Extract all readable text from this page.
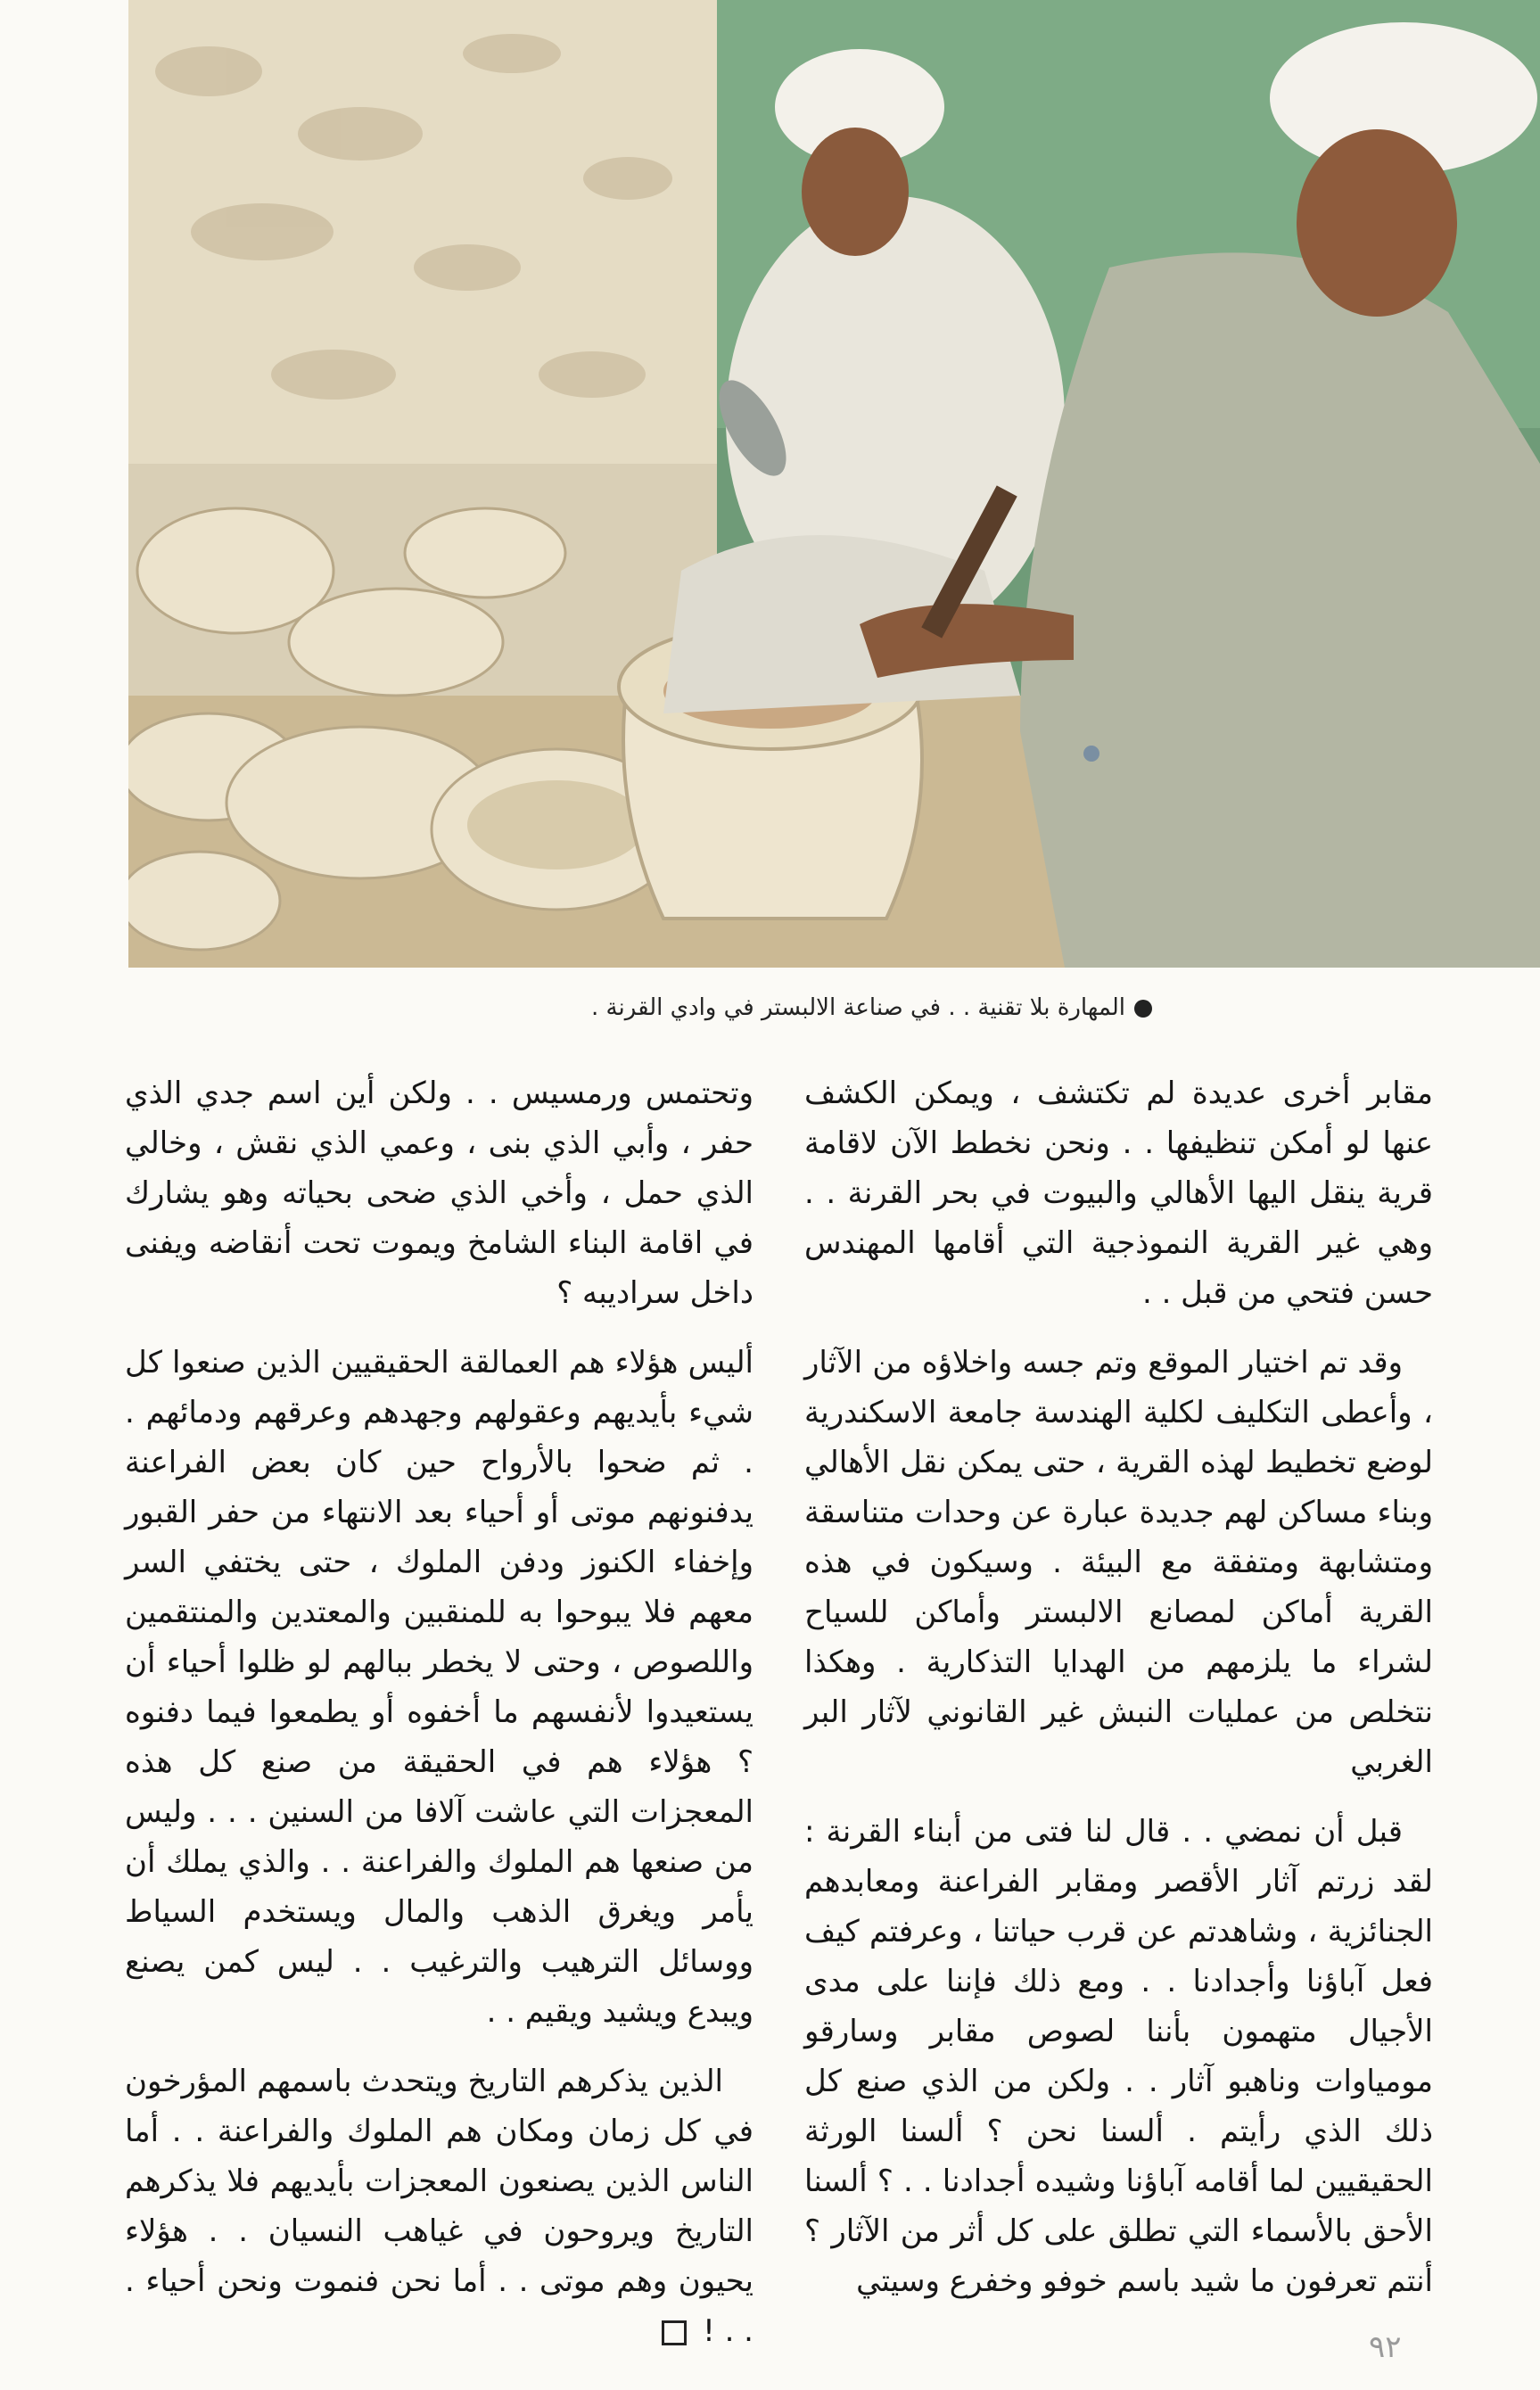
المهارة بلا تقنية . . في صناعة الالبستر في وادي القرنة .

مقابر أخرى عديدة لم تكتشف ، ويمكن الكشف عنها لو أمكن تنظيفها . . ونحن نخطط الآن لاقامة قرية ينقل اليها الأهالي والبيوت في بحر القرنة . . وهي غير القرية النموذجية التي أقامها المهندس حسن فتحي من قبل . .

وقد تم اختيار الموقع وتم جسه واخلاؤه من الآثار ، وأعطى التكليف لكلية الهندسة جامعة الاسكندرية لوضع تخطيط لهذه القرية ، حتى يمكن نقل الأهالي وبناء مساكن لهم جديدة عبارة عن وحدات متناسقة ومتشابهة ومتفقة مع البيئة . وسيكون في هذه القرية أماكن لمصانع الالبستر وأماكن للسياح لشراء ما يلزمهم من الهدايا التذكارية . وهكذا نتخلص من عمليات النبش غير القانوني لآثار البر الغربي

قبل أن نمضي . . قال لنا فتى من أبناء القرنة : لقد زرتم آثار الأقصر ومقابر الفراعنة ومعابدهم الجنائزية ، وشاهدتم عن قرب حياتنا ، وعرفتم كيف فعل آباؤنا وأجدادنا . . ومع ذلك فإننا على مدى الأجيال متهمون بأننا لصوص مقابر وسارقو مومياوات وناهبو آثار . . ولكن من الذي صنع كل ذلك الذي رأيتم . ألسنا نحن ؟ ألسنا الورثة الحقيقيين لما أقامه آباؤنا وشيده أجدادنا . . ؟ ألسنا الأحق بالأسماء التي تطلق على كل أثر من الآثار ؟ أنتم تعرفون ما شيد باسم خوفو وخفرع وسيتي

وتحتمس ورمسيس . . ولكن أين اسم جدي الذي حفر ، وأبي الذي بنى ، وعمي الذي نقش ، وخالي الذي حمل ، وأخي الذي ضحى بحياته وهو يشارك في اقامة البناء الشامخ ويموت تحت أنقاضه ويفنى داخل سراديبه ؟

أليس هؤلاء هم العمالقة الحقيقيين الذين صنعوا كل شيء بأيديهم وعقولهم وجهدهم وعرقهم ودمائهم . . ثم ضحوا بالأرواح حين كان بعض الفراعنة يدفنونهم موتى أو أحياء بعد الانتهاء من حفر القبور وإخفاء الكنوز ودفن الملوك ، حتى يختفي السر معهم فلا يبوحوا به للمنقبين والمعتدين والمنتقمين واللصوص ، وحتى لا يخطر ببالهم لو ظلوا أحياء أن يستعيدوا لأنفسهم ما أخفوه أو يطمعوا فيما دفنوه ؟ هؤلاء هم في الحقيقة من صنع كل هذه المعجزات التي عاشت آلافا من السنين . . . وليس من صنعها هم الملوك والفراعنة . . والذي يملك أن يأمر ويغرق الذهب والمال ويستخدم السياط ووسائل الترهيب والترغيب . . ليس كمن يصنع ويبدع ويشيد ويقيم . .

الذين يذكرهم التاريخ ويتحدث باسمهم المؤرخون في كل زمان ومكان هم الملوك والفراعنة . . أما الناس الذين يصنعون المعجزات بأيديهم فلا يذكرهم التاريخ ويروحون في غياهب النسيان . . هؤلاء يحيون وهم موتى . . أما نحن فنموت ونحن أحياء . . . !	٩٢
